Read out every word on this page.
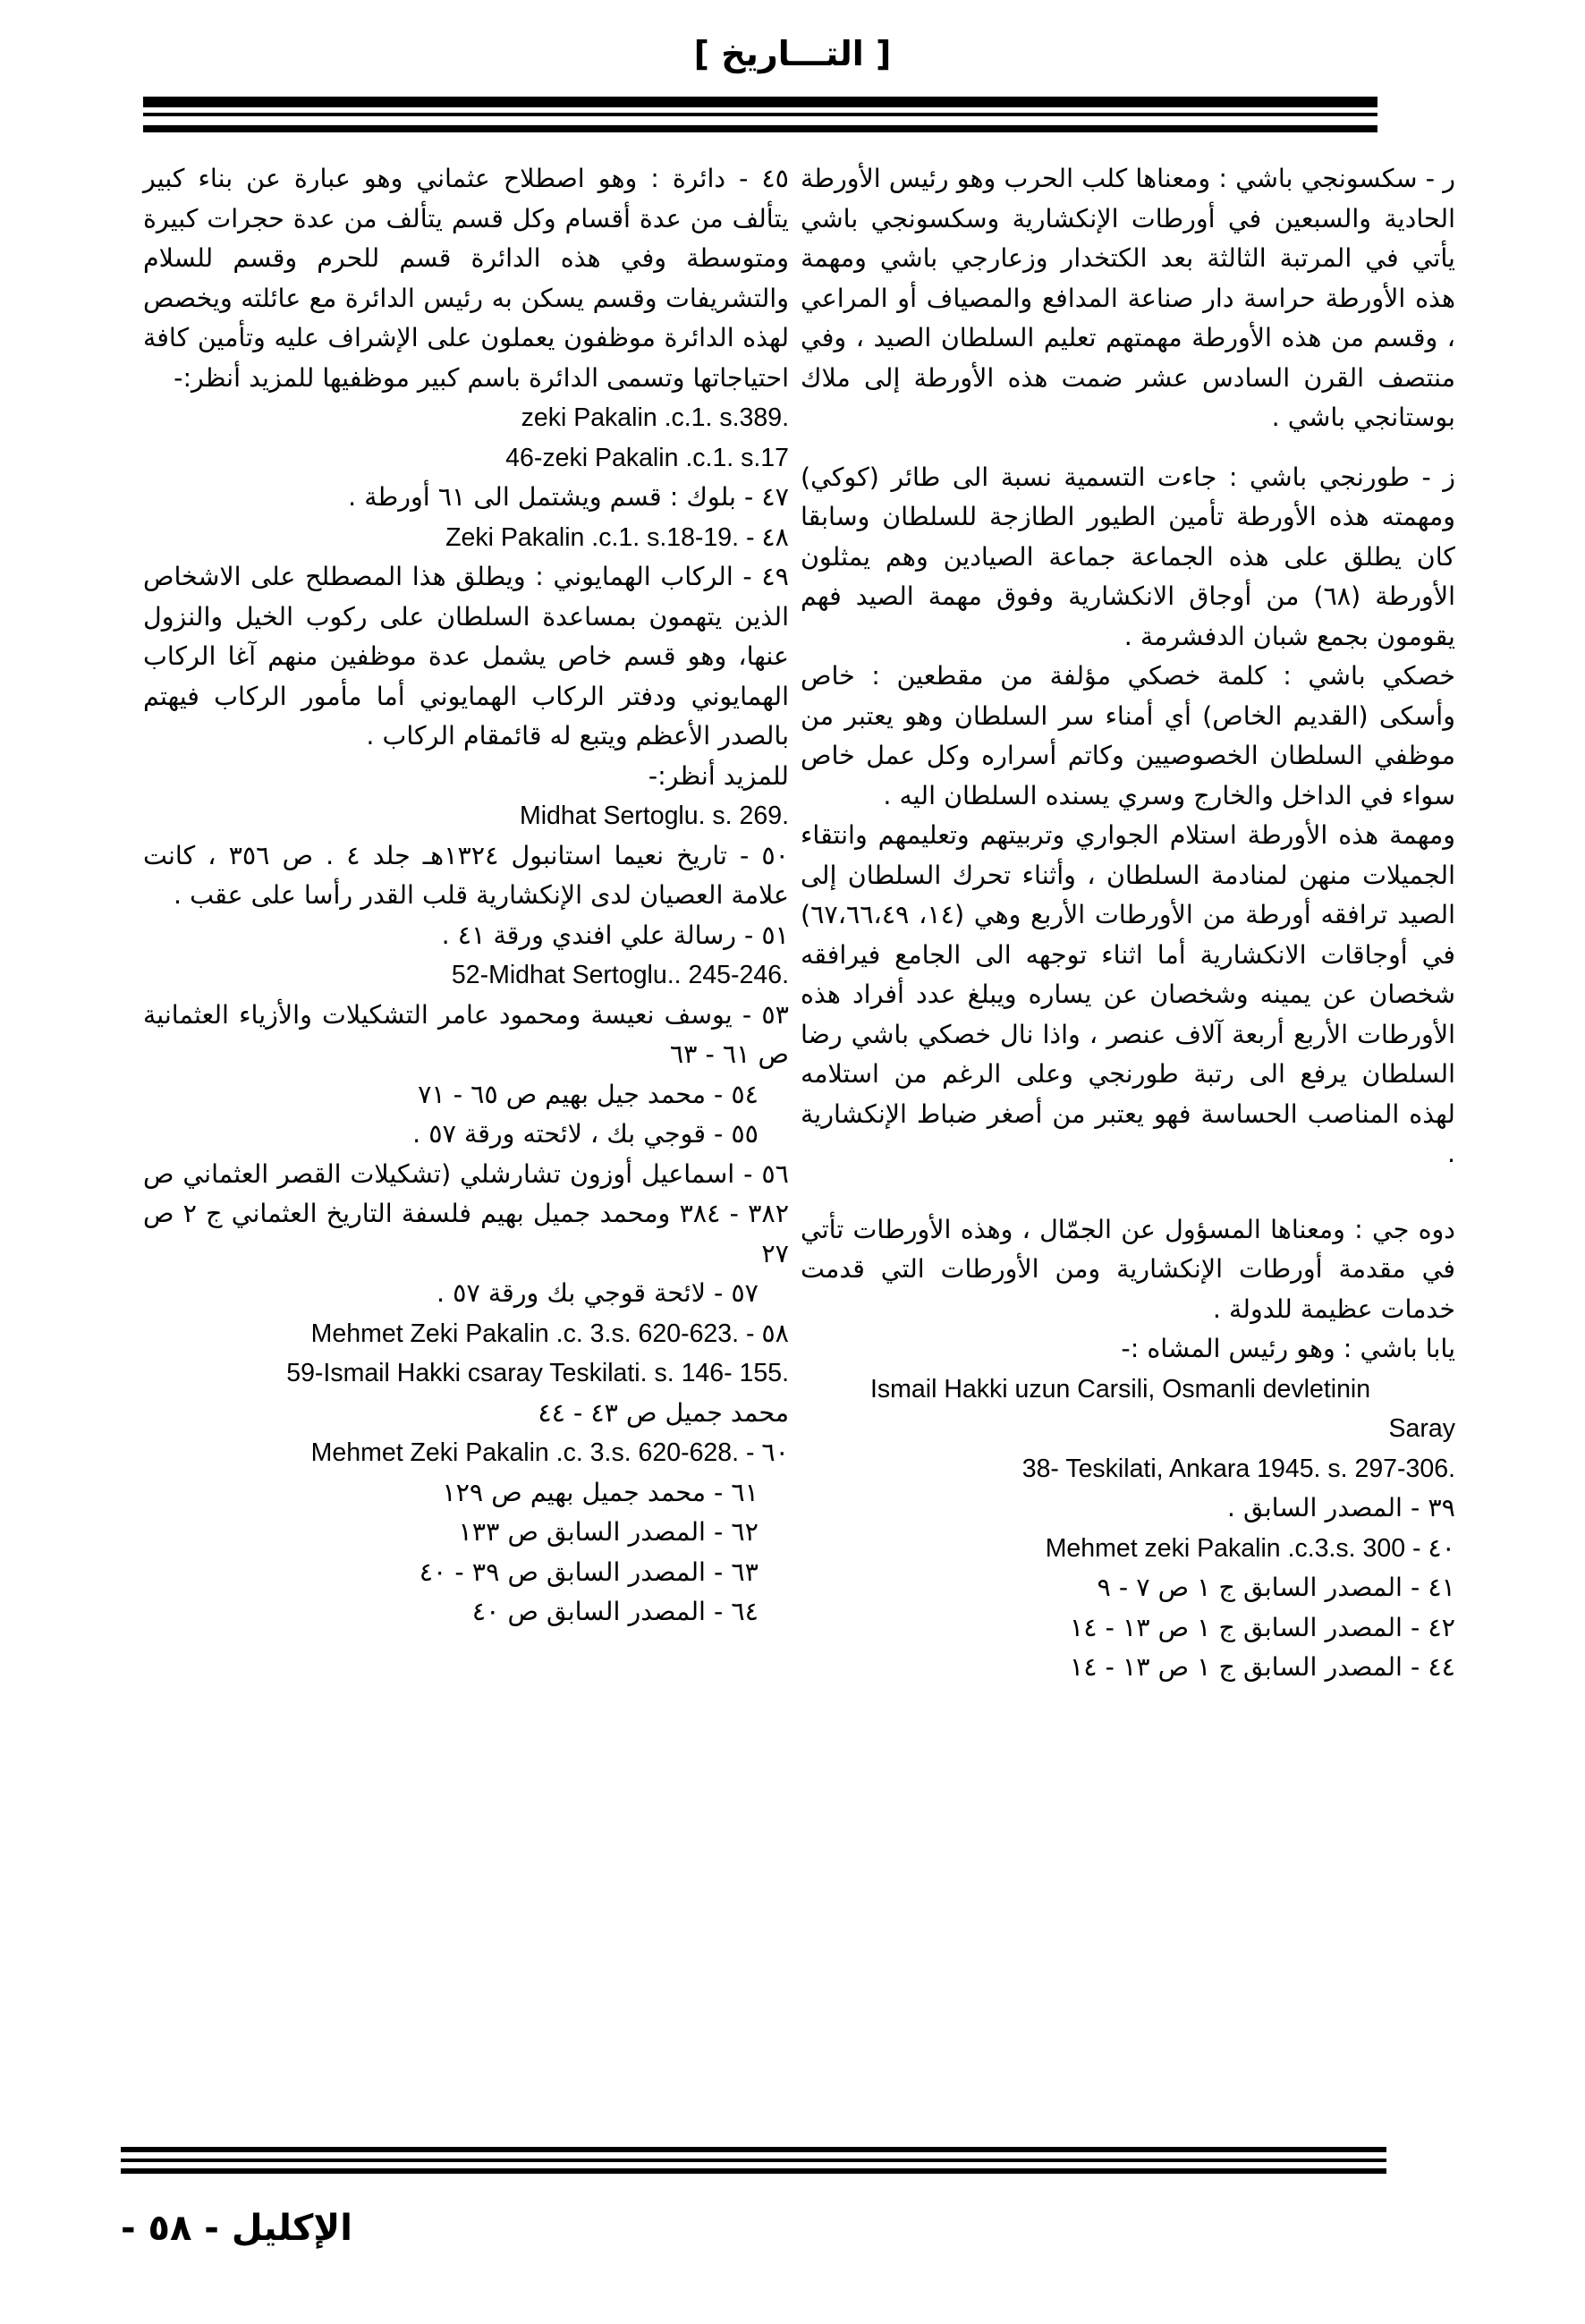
[ التـــاريخ ]

ر - سكسونجي باشي : ومعناها كلب الحرب وهو رئيس الأورطة الحادية والسبعين في أورطات الإنكشارية وسكسونجي باشي يأتي في المرتبة الثالثة بعد الكتخدار وزعارجي باشي ومهمة هذه الأورطة حراسة دار صناعة المدافع والمصياف أو المراعي ، وقسم من هذه الأورطة مهمتهم تعليم السلطان الصيد ، وفي منتصف القرن السادس عشر ضمت هذه الأورطة إلى ملاك بوستانجي باشي .

ز - طورنجي باشي : جاءت التسمية نسبة الى طائر (كوكي) ومهمته هذه الأورطة تأمين الطيور الطازجة للسلطان وسابقا كان يطلق على هذه الجماعة جماعة الصيادين وهم يمثلون الأورطة (٦٨) من أوجاق الانكشارية وفوق مهمة الصيد فهم يقومون بجمع شبان الدفشرمة .

خصكي باشي : كلمة خصكي مؤلفة من مقطعين : خاص وأسكى (القديم الخاص) أي أمناء سر السلطان وهو يعتبر من موظفي السلطان الخصوصيين وكاتم أسراره وكل عمل خاص سواء في الداخل والخارج وسري يسنده السلطان اليه .

ومهمة هذه الأورطة استلام الجواري وتربيتهم وتعليمهم وانتقاء الجميلات منهن لمنادمة السلطان ، وأثناء تحرك السلطان إلى الصيد ترافقه أورطة من الأورطات الأربع وهي (١٤، ٦٧،٦٦،٤٩) في أوجاقات الانكشارية أما اثناء توجهه الى الجامع فيرافقه شخصان عن يمينه وشخصان عن يساره ويبلغ عدد أفراد هذه الأورطات الأربع أربعة آلاف عنصر ، واذا نال خصكي باشي رضا السلطان يرفع الى رتبة طورنجي وعلى الرغم من استلامه لهذه المناصب الحساسة فهو يعتبر من أصغر ضباط الإنكشارية .

دوه جي : ومعناها المسؤول عن الجمّال ، وهذه الأورطات تأتي في مقدمة أورطات الإنكشارية ومن الأورطات التي قدمت خدمات عظيمة للدولة .

يابا باشي : وهو رئيس المشاه :-

Ismail Hakki uzun Carsili, Osmanli devletinin

Saray

38- Teskilati, Ankara 1945. s. 297-306.

٣٩ - المصدر السابق .

Mehmet zeki Pakalin .c.3.s. 300 - ٤٠

٤١ - المصدر السابق ج ١ ص ٧ - ٩

٤٢ - المصدر السابق ج ١ ص ١٣ - ١٤

٤٤ - المصدر السابق ج ١ ص ١٣ - ١٤

٤٥ - دائرة : وهو اصطلاح عثماني وهو عبارة عن بناء كبير يتألف من عدة أقسام وكل قسم يتألف من عدة حجرات كبيرة ومتوسطة وفي هذه الدائرة قسم للحرم وقسم للسلام والتشريفات وقسم يسكن به رئيس الدائرة مع عائلته ويخصص لهذه الدائرة موظفون يعملون على الإشراف عليه وتأمين كافة احتياجاتها وتسمى الدائرة باسم كبير موظفيها للمزيد أنظر:-

zeki Pakalin .c.1. s.389.

46-zeki Pakalin .c.1. s.17

٤٧ - بلوك : قسم ويشتمل الى ٦١ أورطة .

Zeki Pakalin .c.1. s.18-19. - ٤٨

٤٩ - الركاب الهمايوني : ويطلق هذا المصطلح على الاشخاص الذين يتهمون بمساعدة السلطان على ركوب الخيل والنزول عنها، وهو قسم خاص يشمل عدة موظفين منهم آغا الركاب الهمايوني ودفتر الركاب الهمايوني أما مأمور الركاب فيهتم بالصدر الأعظم ويتبع له قائمقام الركاب .

للمزيد أنظر:-

Midhat Sertoglu. s. 269.

٥٠ - تاريخ نعيما استانبول ١٣٢٤هـ جلد ٤ . ص ٣٥٦ ، كانت علامة العصيان لدى الإنكشارية قلب القدر رأسا على عقب .

٥١ - رسالة علي افندي ورقة ٤١ .

52-Midhat Sertoglu.. 245-246.

٥٣ - يوسف نعيسة ومحمود عامر التشكيلات والأزياء العثمانية ص ٦١ - ٦٣

٥٤ - محمد جيل بهيم ص ٦٥ - ٧١

٥٥ - قوجي بك ، لائحته ورقة ٥٧ .

٥٦ - اسماعيل أوزون تشارشلي (تشكيلات القصر العثماني ص ٣٨٢ - ٣٨٤ ومحمد جميل بهيم فلسفة التاريخ العثماني ج ٢ ص ٢٧

٥٧ - لائحة قوجي بك ورقة ٥٧ .

Mehmet Zeki Pakalin .c. 3.s. 620-623. - ٥٨

59-Ismail Hakki csaray Teskilati. s. 146- 155.

محمد جميل ص ٤٣ - ٤٤

Mehmet Zeki Pakalin .c. 3.s. 620-628. - ٦٠

٦١ - محمد جميل بهيم ص ١٢٩

٦٢ - المصدر السابق ص ١٣٣

٦٣ - المصدر السابق ص ٣٩ - ٤٠

٦٤ - المصدر السابق ص ٤٠

الإكليل - ٥٨ -
